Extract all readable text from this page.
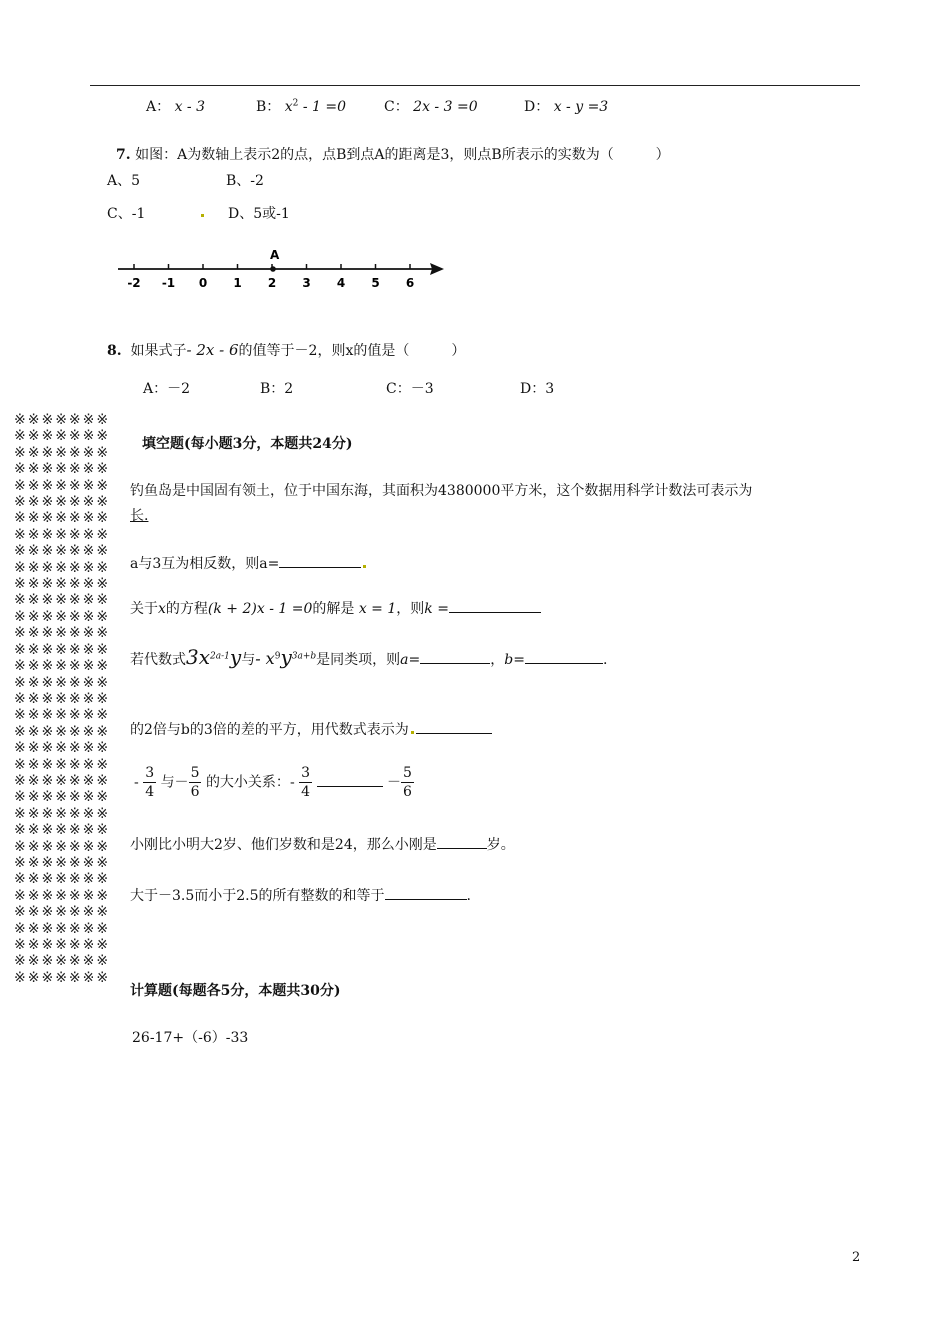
A： x - 3	B： $x^2 - 1 =0$	C： 2x - 3 =0	D： x - y =3
7. 如图：A为数轴上表示2的点，点B到点A的距离是3，则点B所表示的实数为（　　　）
A、5	B、-2
C、-1	D、5或-1
-2 -1 0 1 2 3 4 5 6
A
8. 如果式子- 2x - 6的值等于－2，则x的值是（　　　）
A：－2	B：2	C：－3	D：3
※※※※※※※※※※※※※※※※※※※※※※※※※※※※※※※※※※※※※※※※※※※※※※※※※※※※※※※※※※※※※※※※※※※※※※※※※※※※※※※※※※※※※※※※※※※※※※※※※※※※※※※※※※※※※※※※※※※※※※※※※※※※※※※※※※※※※※※※※※※※※※※※※※※※※※※※※※※※※※※※※※※※※※※※※※※※※※※※※※※※※※※※※※※※※※※※※※※※※※※※※※※※※※※※※※※※※※※※※※※※※※※※※※※※※※※※※※※※※※※※※※※※※
填空题(每小题3分，本题共24分)
钓鱼岛是中国固有领土，位于中国东海，其面积为4380000平方米，这个数据用科学计数法可表示为
长.
a与3互为相反数，则a=
关于x的方程(k + 2)x - 1 =0的解是 x = 1，则k =
若代数式$3x^{2a-1}y$与- $x^9y^{3a+b}$是同类项，则a=	，b=	.
的2倍与b的3倍的差的平方，用代数式表示为
- $\frac{3}{4}$ 与－ $\frac{5}{6}$ 的大小关系：- $\frac{3}{4}$	－ $\frac{5}{6}$
小刚比小明大2岁、他们岁数和是24，那么小刚是	岁。
大于－3.5而小于2.5的所有整数的和等于	.
计算题(每题各5分，本题共30分)
26-17+（-6）-33
2
